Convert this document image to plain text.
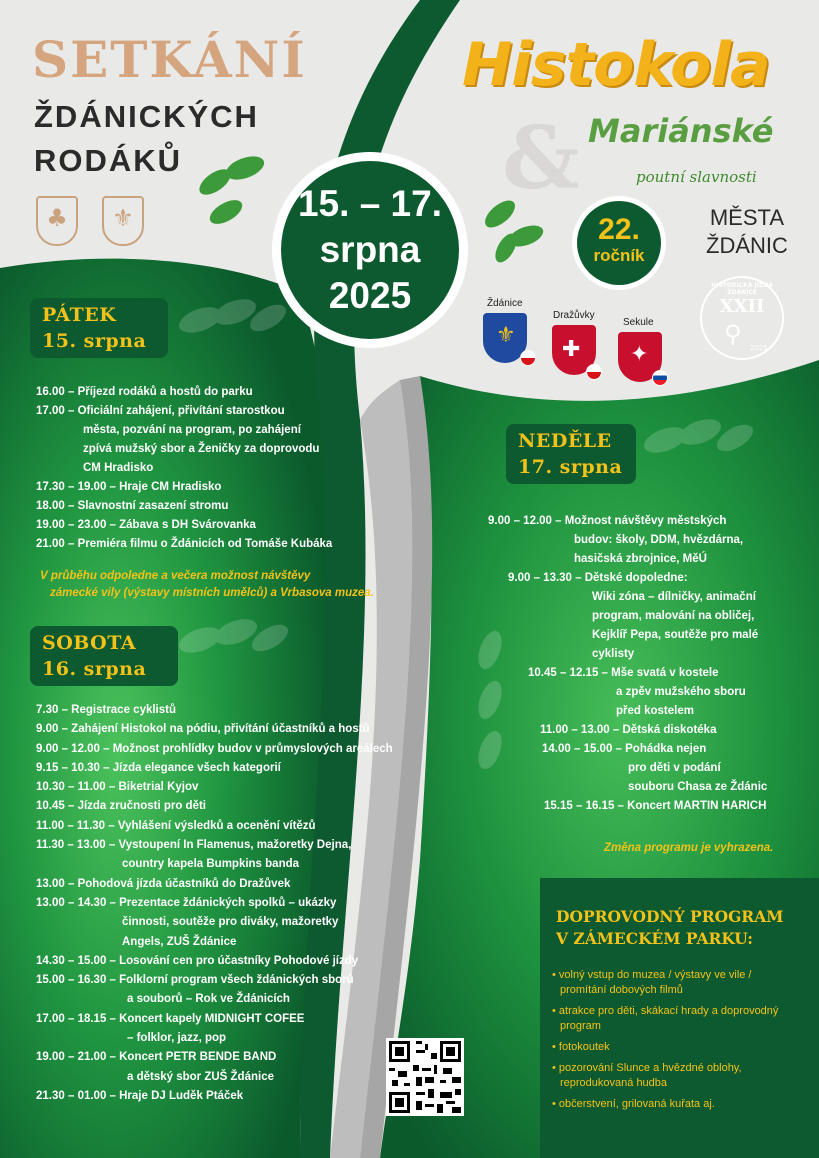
SETKÁNÍ
ŽDÁNICKÝCH
RODÁKŮ
♣	⚜
&
Histokola
Mariánské
poutní slavnosti
MĚSTA
ŽDÁNIC
15. – 17.
srpna
2025
22.
ročník
Ždánice
⚜
Dražůvky
✚
Sekule
✦
HISTORICKÁ JÍZDA ŽDÁNICE
XXII
⚲ 2025
PÁTEK
15. srpna
16.00 – Příjezd rodáků a hostů do parku
17.00 – Oficiální zahájení, přivítání starostkou
města, pozvání na program, po zahájení
zpívá mužský sbor a Ženičky za doprovodu
CM Hradisko
17.30 – 19.00 – Hraje CM Hradisko
18.00 – Slavnostní zasazení stromu
19.00 – 23.00 – Zábava s DH Svárovanka
21.00 – Premiéra filmu o Ždánicích od Tomáše Kubáka
V průběhu odpoledne a večera možnost návštěvy
zámecké vily (výstavy místních umělců) a Vrbasova muzea.
SOBOTA
16. srpna
7.30 – Registrace cyklistů
9.00 – Zahájení Histokol na pódiu, přivítání účastníků a hostů
9.00 – 12.00 – Možnost prohlídky budov v průmyslových areálech
9.15 – 10.30 – Jízda elegance všech kategorií
10.30 – 11.00 – Biketrial Kyjov
10.45 – Jízda zručnosti pro děti
11.00 – 11.30 – Vyhlášení výsledků a ocenění vítězů
11.30 – 13.00 – Vystoupení In Flamenus, mažoretky Dejna,
country kapela Bumpkins banda
13.00 – Pohodová jízda účastníků do Dražůvek
13.00 – 14.30 – Prezentace ždánických spolků – ukázky
činnosti, soutěže pro diváky, mažoretky
Angels, ZUŠ Ždánice
14.30 – 15.00 – Losování cen pro účastníky Pohodové jízdy
15.00 – 16.30 – Folklorní program všech ždánických sborů
a souborů – Rok ve Ždánicích
17.00 – 18.15 – Koncert kapely MIDNIGHT COFEE
– folklor, jazz, pop
19.00 – 21.00 – Koncert PETR BENDE BAND
a dětský sbor ZUŠ Ždánice
21.30 – 01.00 – Hraje DJ Luděk Ptáček
NEDĚLE
17. srpna
9.00 – 12.00 – Možnost návštěvy městských
budov: školy, DDM, hvězdárna,
hasičská zbrojnice, MěÚ
9.00 – 13.30 – Dětské dopoledne:
Wiki zóna – dílničky, animační
program, malování na obličej,
Kejklíř Pepa, soutěže pro malé
cyklisty
10.45 – 12.15 – Mše svatá v kostele
a zpěv mužského sboru
před kostelem
11.00 – 13.00 – Dětská diskotéka
14.00 – 15.00 – Pohádka nejen
pro děti v podání
souboru Chasa ze Ždánic
15.15 – 16.15 – Koncert MARTIN HARICH
Změna programu je vyhrazena.
DOPROVODNÝ PROGRAM
V ZÁMECKÉM PARKU:
• volný vstup do muzea / výstavy ve vile /
promítání dobových filmů
• atrakce pro děti, skákací hrady a doprovodný
program
• fotokoutek
• pozorování Slunce a hvězdné oblohy,
reprodukovaná hudba
• občerstvení, grilovaná kuřata aj.
